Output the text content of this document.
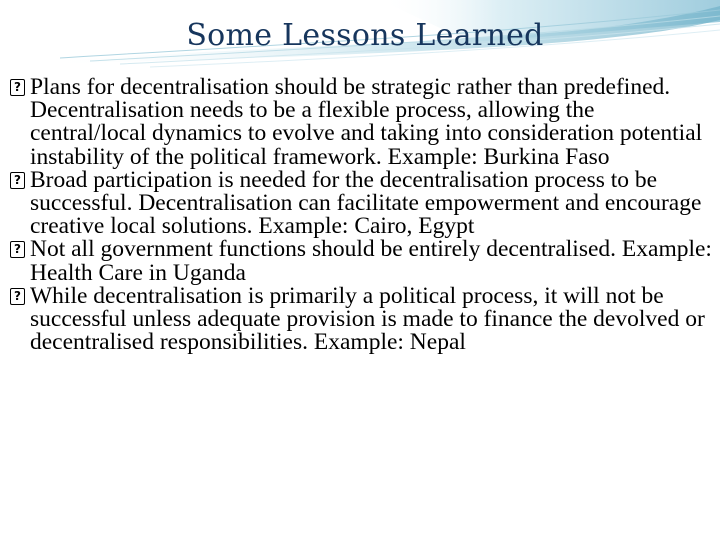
Some Lessons Learned
? Plans for decentralisation should be strategic rather than predefined. Decentralisation needs to be a flexible process, allowing the central/local dynamics to evolve and taking into consideration potential instability of the political framework. Example: Burkina Faso
? Broad participation is needed for the decentralisation process to be successful. Decentralisation can facilitate empowerment and encourage creative local solutions. Example: Cairo, Egypt
? Not all government functions should be entirely decentralised. Example: Health Care in Uganda
? While decentralisation is primarily a political process, it will not be successful unless adequate provision is made to finance the devolved or decentralised responsibilities. Example: Nepal
